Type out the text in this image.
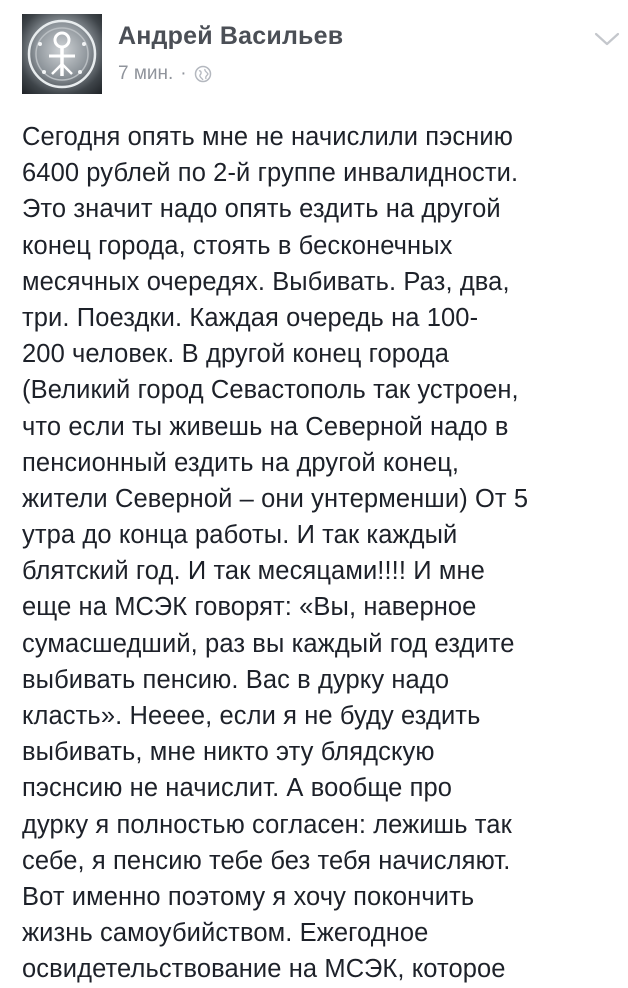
Андрей Васильев
7 мин. ·
Сегодня опять мне не начислили пэснию
6400 рублей по 2-й группе инвалидности.
Это значит надо опять ездить на другой
конец города, стоять в бесконечных
месячных очередях. Выбивать. Раз, два,
три. Поездки. Каждая очередь на 100-
200 человек. В другой конец города
(Великий город Севастополь так устроен,
что если ты живешь на Северной надо в
пенсионный ездить на другой конец,
жители Северной – они унтерменши) От 5
утра до конца работы. И так каждый
блятский год. И так месяцами!!!! И мне
еще на МСЭК говорят: «Вы, наверное
сумасшедший, раз вы каждый год ездите
выбивать пенсию. Вас в дурку надо
класть». Нееее, если я не буду ездить
выбивать, мне никто эту блядскую
пэснсию не начислит. А вообще про
дурку я полностью согласен: лежишь так
себе, я пенсию тебе без тебя начисляют.
Вот именно поэтому я хочу покончить
жизнь самоубийством. Ежегодное
освидетельствование на МСЭК, которое
